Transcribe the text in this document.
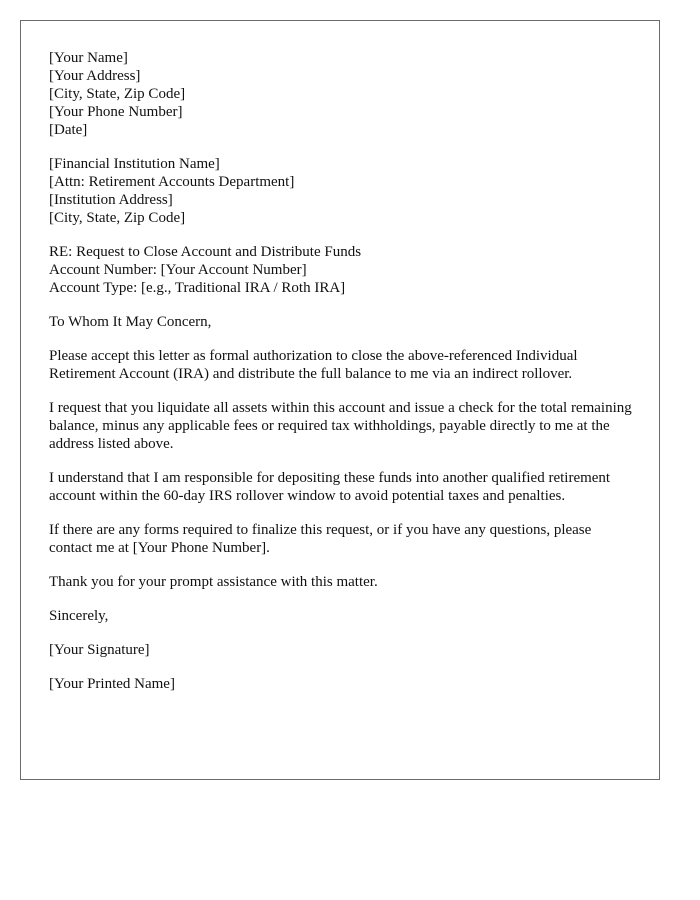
[Your Name]
[Your Address]
[City, State, Zip Code]
[Your Phone Number]
[Date]
[Financial Institution Name]
[Attn: Retirement Accounts Department]
[Institution Address]
[City, State, Zip Code]
RE: Request to Close Account and Distribute Funds
Account Number: [Your Account Number]
Account Type: [e.g., Traditional IRA / Roth IRA]

To Whom It May Concern,

Please accept this letter as formal authorization to close the above-referenced Individual Retirement Account (IRA) and distribute the full balance to me via an indirect rollover.

I request that you liquidate all assets within this account and issue a check for the total remaining balance, minus any applicable fees or required tax withholdings, payable directly to me at the address listed above.

I understand that I am responsible for depositing these funds into another qualified retirement account within the 60-day IRS rollover window to avoid potential taxes and penalties.

If there are any forms required to finalize this request, or if you have any questions, please contact me at [Your Phone Number].

Thank you for your prompt assistance with this matter.

Sincerely,

[Your Signature]

[Your Printed Name]
